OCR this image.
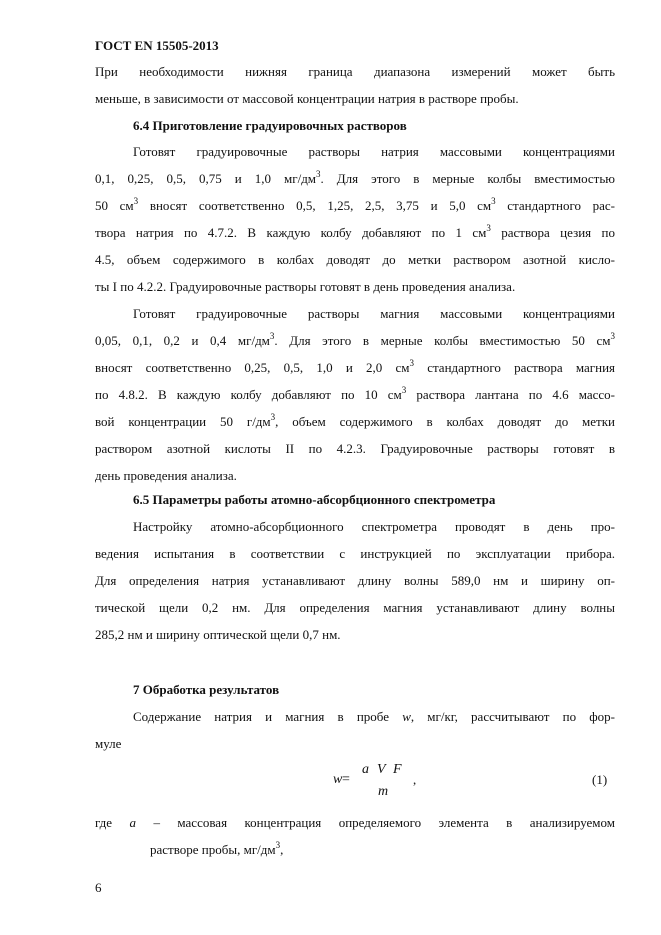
ГОСТ EN 15505-2013
При необходимости нижняя граница диапазона измерений может быть
меньше, в зависимости от массовой концентрации натрия в растворе пробы.
6.4 Приготовление градуировочных растворов
Готовят градуировочные растворы натрия массовыми концентрациями
0,1, 0,25, 0,5, 0,75 и 1,0 $мг/дм^3$. Для этого в мерные колбы вместимостью
50 $см^3$ вносят соответственно 0,5, 1,25, 2,5, 3,75 и 5,0 $см^3$ стандартного рас-
твора натрия по 4.7.2. В каждую колбу добавляют по 1 $см^3$ раствора цезия по
4.5, объем содержимого в колбах доводят до метки раствором азотной кисло-
ты I по 4.2.2. Градуировочные растворы готовят в день проведения анализа.
Готовят градуировочные растворы магния массовыми концентрациями
0,05, 0,1, 0,2 и 0,4 $мг/дм^3$. Для этого в мерные колбы вместимостью 50 $см^3$
вносят соответственно 0,25, 0,5, 1,0 и 2,0 $см^3$ стандартного раствора магния
по 4.8.2. В каждую колбу добавляют по 10 $см^3$ раствора лантана по 4.6 массо-
вой концентрации 50 $г/дм^3$, объем содержимого в колбах доводят до метки
раствором азотной кислоты II по 4.2.3. Градуировочные растворы готовят в
день проведения анализа.
6.5 Параметры работы атомно-абсорбционного спектрометра
Настройку атомно-абсорбционного спектрометра проводят в день про-
ведения испытания в соответствии с инструкцией по эксплуатации прибора.
Для определения натрия устанавливают длину волны 589,0 нм и ширину оп-
тической щели 0,2 нм. Для определения магния устанавливают длину волны
285,2 нм и ширину оптической щели 0,7 нм.
7 Обработка результатов
Содержание натрия и магния в пробе w, мг/кг, рассчитывают по фор-
муле
w =
a V F
m
,	(1)
где a – массовая концентрация определяемого элемента в анализируемом
растворе пробы, $мг/дм^3$,
6
